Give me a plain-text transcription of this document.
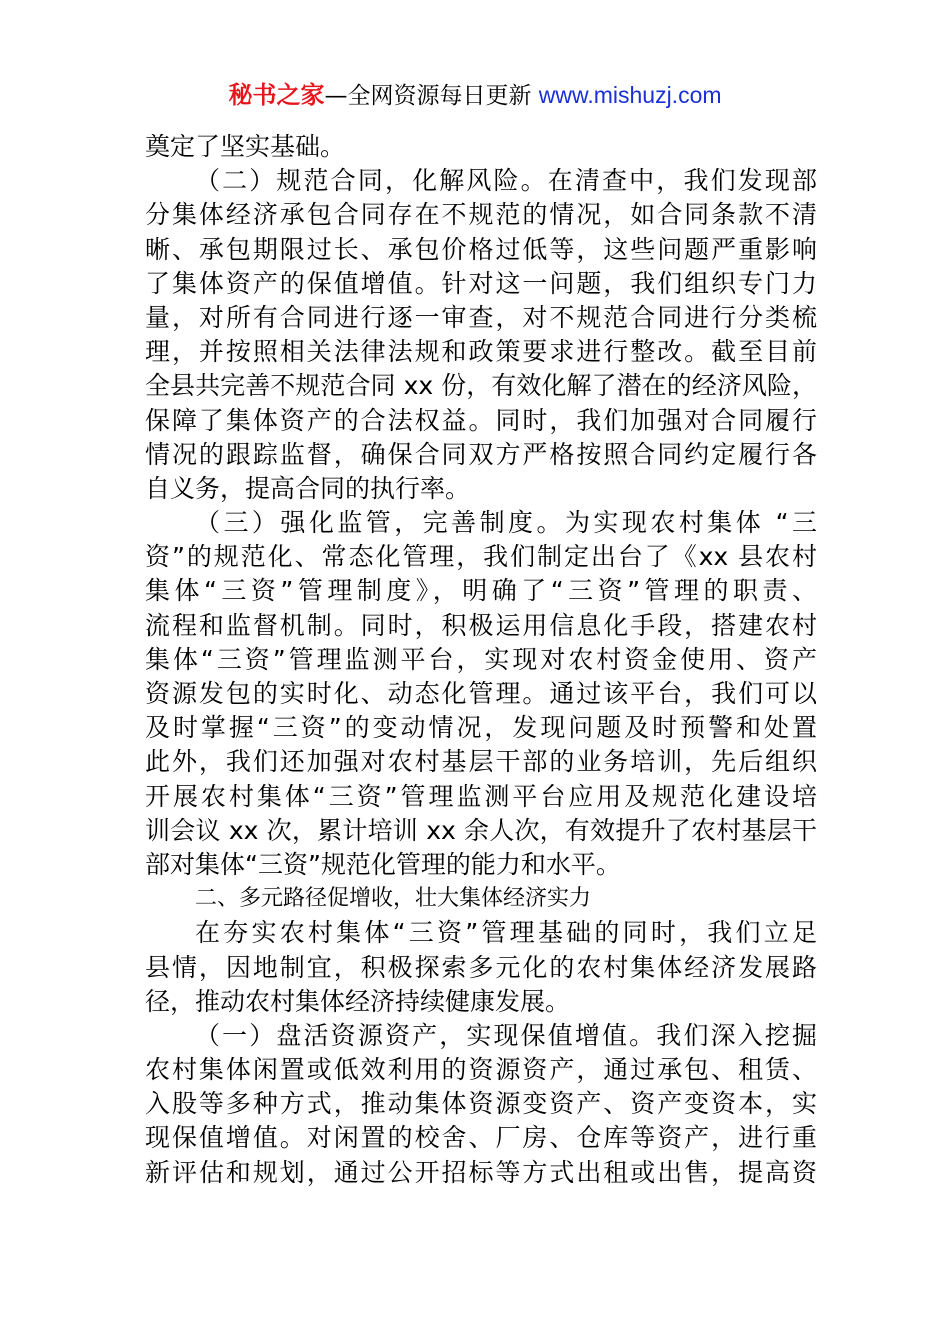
秘书之家—全网资源每日更新 www.mishuzj.com
奠定了坚实基础。
（二）规范合同，化解风险。在清查中，我们发现部
分集体经济承包合同存在不规范的情况，如合同条款不清
晰、承包期限过长、承包价格过低等，这些问题严重影响
了集体资产的保值增值。针对这一问题，我们组织专门力
量，对所有合同进行逐一审查，对不规范合同进行分类梳
理，并按照相关法律法规和政策要求进行整改。截至目前
全县共完善不规范合同 xx 份，有效化解了潜在的经济风险，
保障了集体资产的合法权益。同时，我们加强对合同履行
情况的跟踪监督，确保合同双方严格按照合同约定履行各
自义务，提高合同的执行率。
（三）强化监管，完善制度。为实现农村集体 “三
资”的规范化、常态化管理，我们制定出台了《xx 县农村
集体“三资”管理制度》，明确了“三资”管理的职责、
流程和监督机制。同时，积极运用信息化手段，搭建农村
集体“三资”管理监测平台，实现对农村资金使用、资产
资源发包的实时化、动态化管理。通过该平台，我们可以
及时掌握“三资”的变动情况，发现问题及时预警和处置
此外，我们还加强对农村基层干部的业务培训，先后组织
开展农村集体“三资”管理监测平台应用及规范化建设培
训会议 xx 次，累计培训 xx 余人次，有效提升了农村基层干
部对集体“三资”规范化管理的能力和水平。
二、多元路径促增收，壮大集体经济实力
在夯实农村集体“三资”管理基础的同时，我们立足
县情，因地制宜，积极探索多元化的农村集体经济发展路
径，推动农村集体经济持续健康发展。
（一）盘活资源资产，实现保值增值。我们深入挖掘
农村集体闲置或低效利用的资源资产，通过承包、租赁、
入股等多种方式，推动集体资源变资产、资产变资本，实
现保值增值。对闲置的校舍、厂房、仓库等资产，进行重
新评估和规划，通过公开招标等方式出租或出售，提高资
